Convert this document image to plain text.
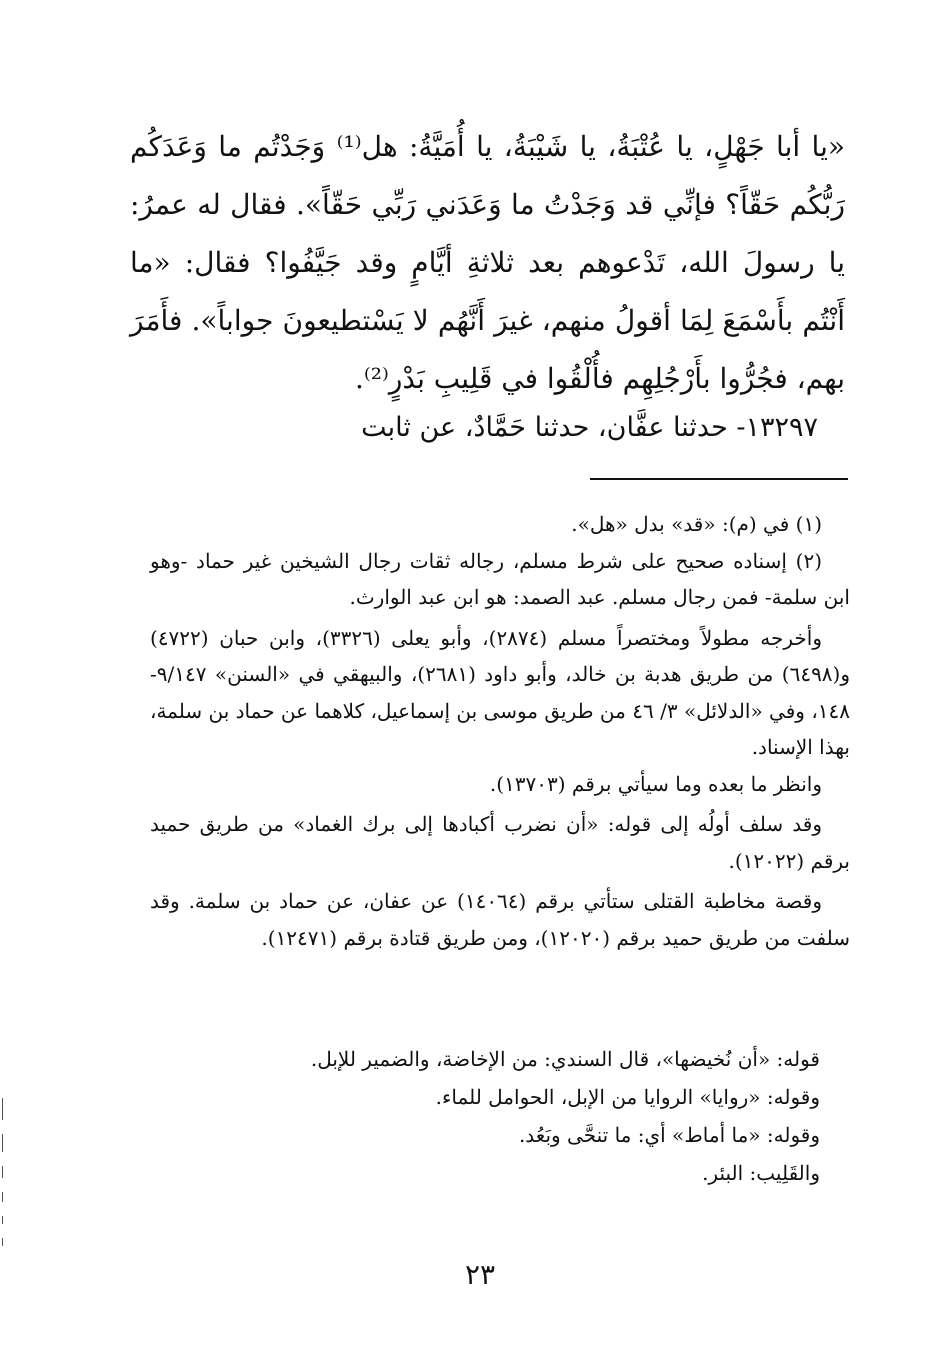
«يا أبا جَهْلٍ، يا عُتْبَةُ، يا شَيْبَةُ، يا أُمَيَّةُ: هل⁽¹⁾ وَجَدْتُم ما وَعَدَكُم رَبُّكُم حَقّاً؟ فإنِّي قد وَجَدْتُ ما وَعَدَني رَبِّي حَقّاً». فقال له عمرُ: يا رسولَ الله، تَدْعوهم بعد ثلاثةِ أيَّامٍ وقد جَيَّفُوا؟ فقال: «ما أَنْتُم بأَسْمَعَ لِمَا أقولُ منهم، غيرَ أَنَّهُم لا يَسْتطيعونَ جواباً». فأَمَرَ بهم، فجُرُّوا بأَرْجُلِهِم فأُلْقُوا في قَلِيبِ بَدْرٍ⁽²⁾.

١٣٢٩٧- حدثنا عفَّان، حدثنا حَمَّادٌ، عن ثابت

(١) في (م): «قد» بدل «هل».

(٢) إسناده صحيح على شرط مسلم، رجاله ثقات رجال الشيخين غير حماد -وهو ابن سلمة- فمن رجال مسلم. عبد الصمد: هو ابن عبد الوارث.

وأخرجه مطولاً ومختصراً مسلم (٢٨٧٤)، وأبو يعلى (٣٣٢٦)، وابن حبان (٤٧٢٢) و(٦٤٩٨) من طريق هدبة بن خالد، وأبو داود (٢٦٨١)، والبيهقي في «السنن» ٩/١٤٧- ١٤٨، وفي «الدلائل» ٣/ ٤٦ من طريق موسى بن إسماعيل، كلاهما عن حماد بن سلمة، بهذا الإسناد.

وانظر ما بعده وما سيأتي برقم (١٣٧٠٣).

وقد سلف أولُه إلى قوله: «أن نضرب أكبادها إلى برك الغماد» من طريق حميد برقم (١٢٠٢٢).

وقصة مخاطبة القتلى ستأتي برقم (١٤٠٦٤) عن عفان، عن حماد بن سلمة. وقد سلفت من طريق حميد برقم (١٢٠٢٠)، ومن طريق قتادة برقم (١٢٤٧١).

قوله: «أن نُخيضها»، قال السندي: من الإخاضة، والضمير للإبل.

وقوله: «روايا» الروايا من الإبل، الحوامل للماء.

وقوله: «ما أماط» أي: ما تنحَّى وبَعُد.

والقَلِيب: البئر.

٢٣
